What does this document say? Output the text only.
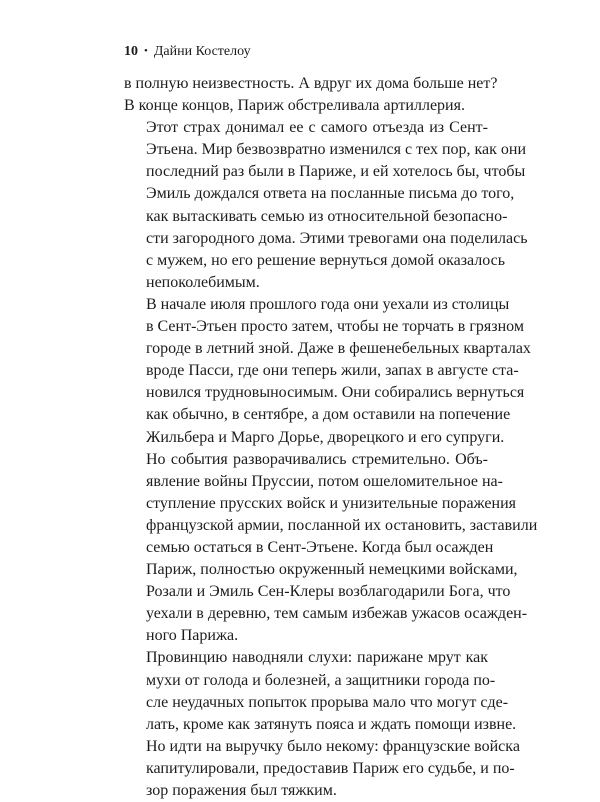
10 • Дайни Костелоу

в полную неизвестность. А вдруг их дома больше нет?
В конце концов, Париж обстреливала артиллерия.

Этот страх донимал ее с самого отъезда из Сент-
Этьена. Мир безвозвратно изменился с тех пор, как они
последний раз были в Париже, и ей хотелось бы, чтобы
Эмиль дождался ответа на посланные письма до того,
как вытаскивать семью из относительной безопасно-
сти загородного дома. Этими тревогами она поделилась
с мужем, но его решение вернуться домой оказалось
непоколебимым.

В начале июля прошлого года они уехали из столицы
в Сент-Этьен просто затем, чтобы не торчать в грязном
городе в летний зной. Даже в фешенебельных кварталах
вроде Пасси, где они теперь жили, запах в августе ста-
новился трудновыносимым. Они собирались вернуться
как обычно, в сентябре, а дом оставили на попечение
Жильбера и Марго Дорье, дворецкого и его супруги.
Но события разворачивались стремительно. Объ-
явление войны Пруссии, потом ошеломительное на-
ступление прусских войск и унизительные поражения
французской армии, посланной их остановить, заставили
семью остаться в Сент-Этьене. Когда был осажден
Париж, полностью окруженный немецкими войсками,
Розали и Эмиль Сен-Клеры возблагодарили Бога, что
уехали в деревню, тем самым избежав ужасов осажден-
ного Парижа.

Провинцию наводняли слухи: парижане мрут как
мухи от голода и болезней, а защитники города по-
сле неудачных попыток прорыва мало что могут сде-
лать, кроме как затянуть пояса и ждать помощи извне.
Но идти на выручку было некому: французские войска
капитулировали, предоставив Париж его судьбе, и по-
зор поражения был тяжким.
